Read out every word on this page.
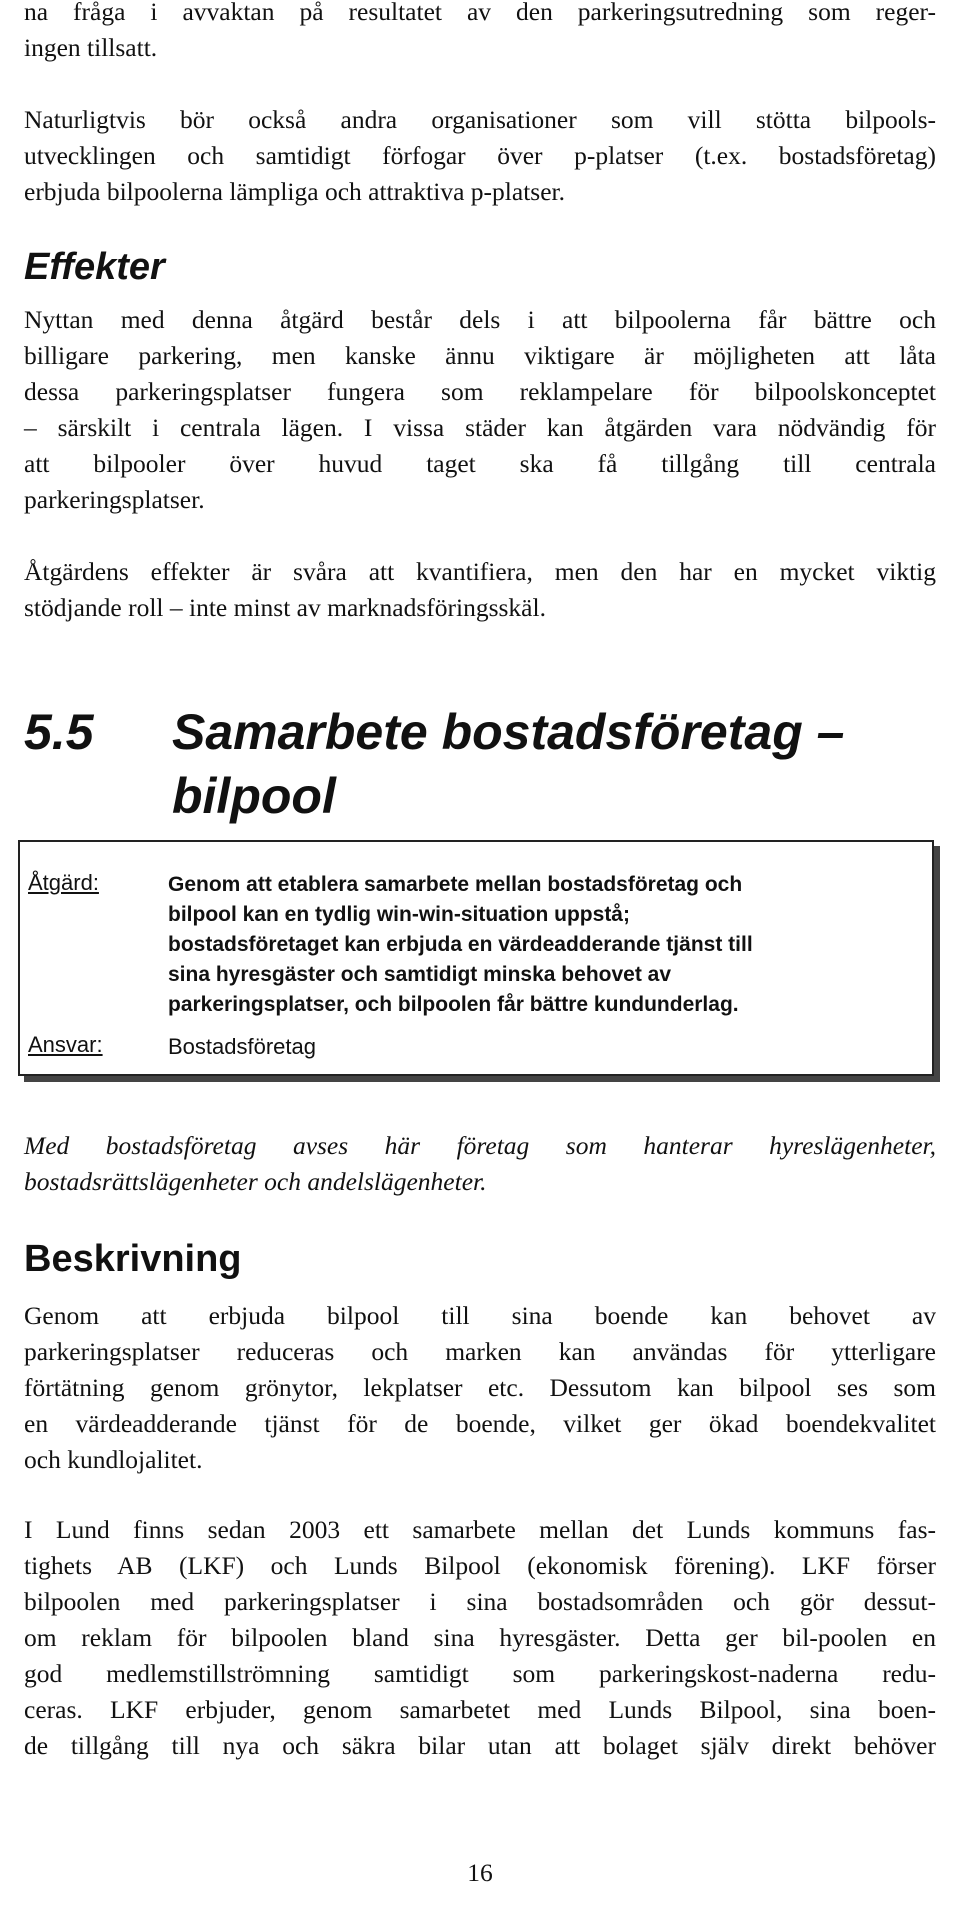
na fråga i avvaktan på resultatet av den parkeringsutredning som reger-
ingen tillsatt.
Naturligtvis bör också andra organisationer som vill stötta bilpools-
utvecklingen och samtidigt förfogar över p-platser (t.ex. bostadsföretag)
erbjuda bilpoolerna lämpliga och attraktiva p-platser.
Effekter
Nyttan med denna åtgärd består dels i att bilpoolerna får bättre och
billigare parkering, men kanske ännu viktigare är möjligheten att låta
dessa parkeringsplatser fungera som reklampelare för bilpoolskonceptet
– särskilt i centrala lägen. I vissa städer kan åtgärden vara nödvändig för
att bilpooler över huvud taget ska få tillgång till centrala
parkeringsplatser.
Åtgärdens effekter är svåra att kvantifiera, men den har en mycket viktig
stödjande roll – inte minst av marknadsföringsskäl.
5.5 Samarbete bostadsföretag –
bilpool
Åtgärd:	Genom att etablera samarbete mellan bostadsföretag och
bilpool kan en tydlig win-win-situation uppstå;
bostadsföretaget kan erbjuda en värdeadderande tjänst till
sina hyresgäster och samtidigt minska behovet av
parkeringsplatser, och bilpoolen får bättre kundunderlag.
Ansvar:	Bostadsföretag
Med bostadsföretag avses här företag som hanterar hyreslägenheter,
bostadsrättslägenheter och andelslägenheter.
Beskrivning
Genom att erbjuda bilpool till sina boende kan behovet av
parkeringsplatser reduceras och marken kan användas för ytterligare
förtätning genom grönytor, lekplatser etc. Dessutom kan bilpool ses som
en värdeadderande tjänst för de boende, vilket ger ökad boendekvalitet
och kundlojalitet.
I Lund finns sedan 2003 ett samarbete mellan det Lunds kommuns fas-
tighets AB (LKF) och Lunds Bilpool (ekonomisk förening). LKF förser
bilpoolen med parkeringsplatser i sina bostadsområden och gör dessut-
om reklam för bilpoolen bland sina hyresgäster. Detta ger bil-poolen en
god medlemstillströmning samtidigt som parkeringskost-naderna redu-
ceras. LKF erbjuder, genom samarbetet med Lunds Bilpool, sina boen-
de tillgång till nya och säkra bilar utan att bolaget själv direkt behöver
16
